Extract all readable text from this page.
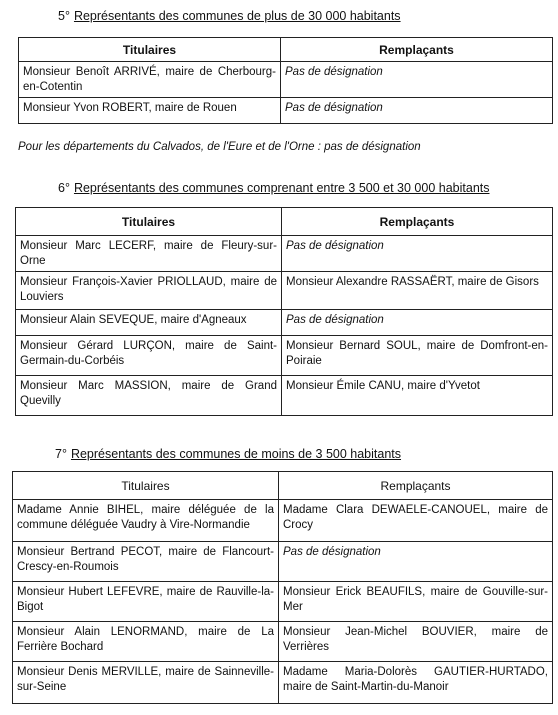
5° Représentants des communes de plus de 30 000 habitants
Titulaires	Remplaçants
Monsieur Benoît ARRIVÉ, maire de Cherbourg-en-Cotentin	Pas de désignation
Monsieur Yvon ROBERT, maire de Rouen	Pas de désignation
Pour les départements du Calvados, de l'Eure et de l'Orne : pas de désignation
6° Représentants des communes comprenant entre 3 500 et 30 000 habitants
Titulaires	Remplaçants
Monsieur Marc LECERF, maire de Fleury-sur-Orne	Pas de désignation
Monsieur François-Xavier PRIOLLAUD, maire de Louviers	Monsieur Alexandre RASSAËRT, maire de Gisors
Monsieur Alain SEVEQUE, maire d'Agneaux	Pas de désignation
Monsieur Gérard LURÇON, maire de Saint-Germain-du-Corbéis	Monsieur Bernard SOUL, maire de Domfront-en-Poiraie
Monsieur Marc MASSION, maire de Grand Quevilly	Monsieur Émile CANU, maire d'Yvetot
7° Représentants des communes de moins de 3 500 habitants
Titulaires	Remplaçants
Madame Annie BIHEL, maire déléguée de la commune déléguée Vaudry à Vire-Normandie	Madame Clara DEWAELE-CANOUEL, maire de Crocy
Monsieur Bertrand PECOT, maire de Flancourt-Crescy-en-Roumois	Pas de désignation
Monsieur Hubert LEFEVRE, maire de Rauville-la-Bigot	Monsieur Erick BEAUFILS, maire de Gouville-sur-Mer
Monsieur Alain LENORMAND, maire de La Ferrière Bochard	Monsieur Jean-Michel BOUVIER, maire de Verrières
Monsieur Denis MERVILLE, maire de Sainneville-sur-Seine	Madame Maria-Dolorès GAUTIER-HURTADO, maire de Saint-Martin-du-Manoir
